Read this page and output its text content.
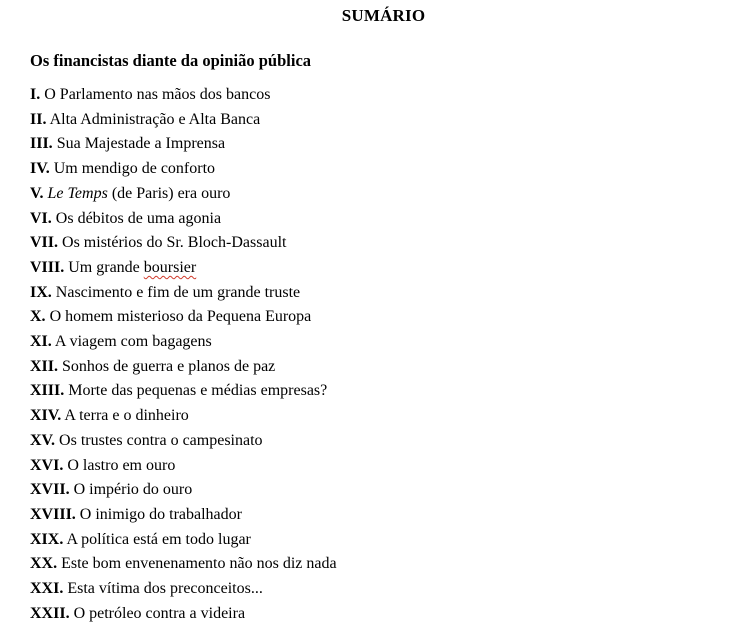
SUMÁRIO
Os financistas diante da opinião pública
I. O Parlamento nas mãos dos bancos
II. Alta Administração e Alta Banca
III. Sua Majestade a Imprensa
IV. Um mendigo de conforto
V. Le Temps (de Paris) era ouro
VI. Os débitos de uma agonia
VII. Os mistérios do Sr. Bloch-Dassault
VIII. Um grande boursier
IX. Nascimento e fim de um grande truste
X. O homem misterioso da Pequena Europa
XI. A viagem com bagagens
XII. Sonhos de guerra e planos de paz
XIII. Morte das pequenas e médias empresas?
XIV. A terra e o dinheiro
XV. Os trustes contra o campesinato
XVI. O lastro em ouro
XVII. O império do ouro
XVIII. O inimigo do trabalhador
XIX. A política está em todo lugar
XX. Este bom envenenamento não nos diz nada
XXI. Esta vítima dos preconceitos...
XXII. O petróleo contra a videira
